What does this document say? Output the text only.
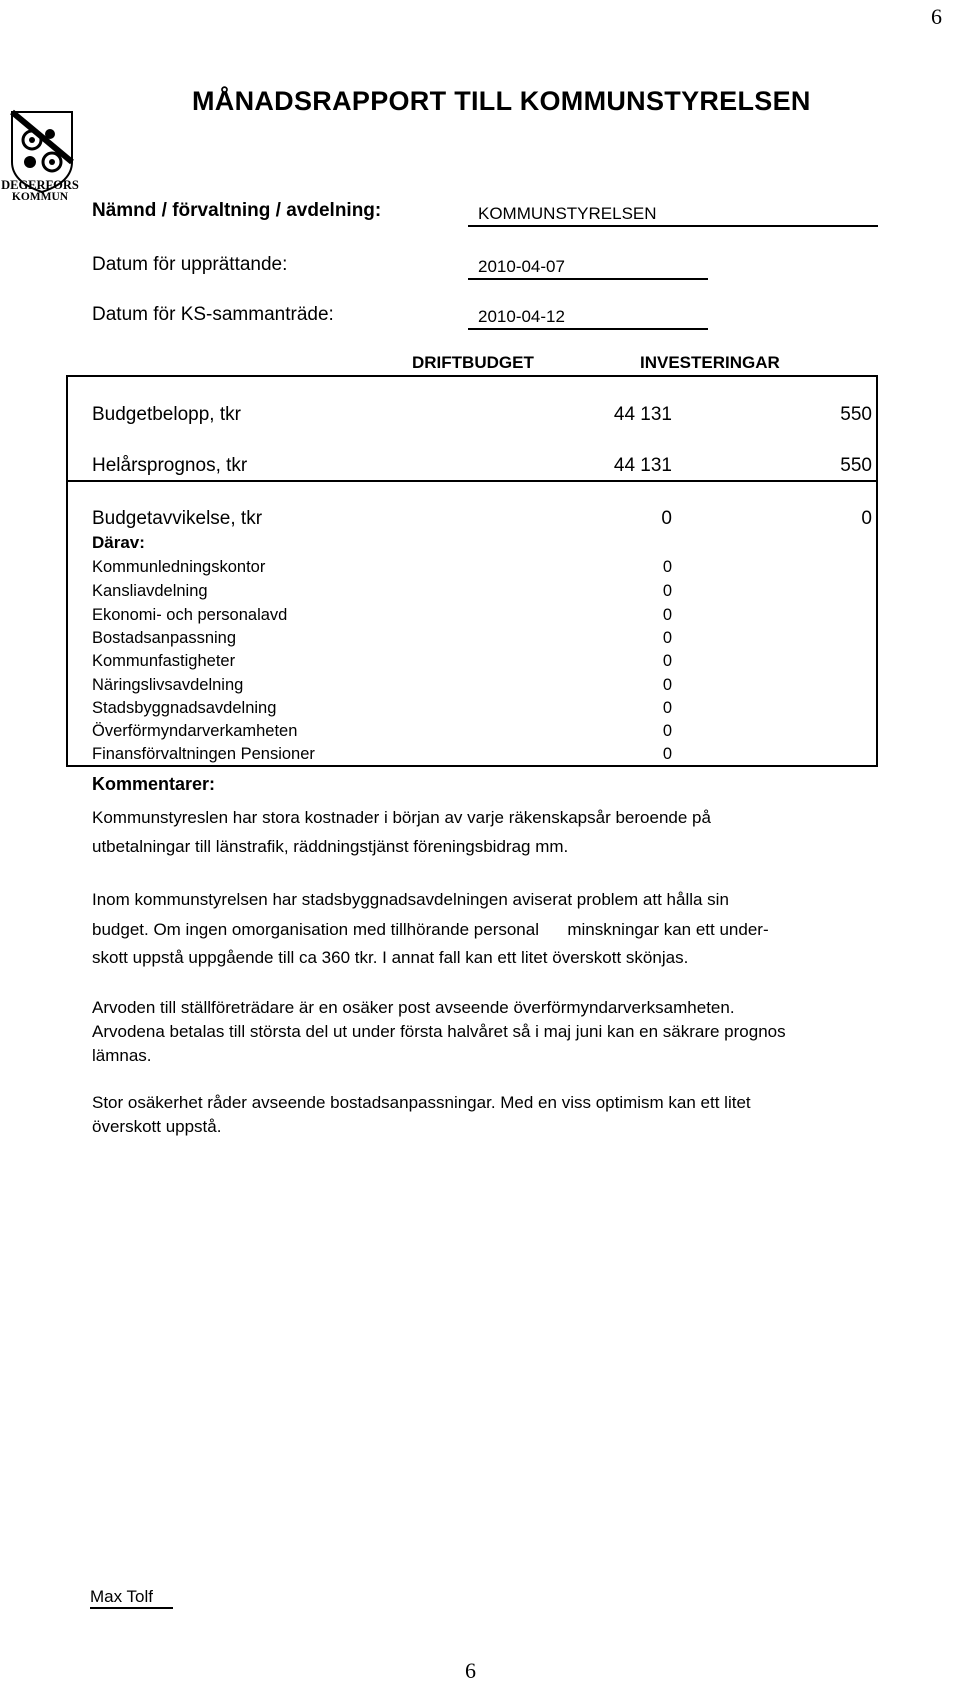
6
DEGERFORS
KOMMUN
MÅNADSRAPPORT TILL KOMMUNSTYRELSEN
Nämnd / förvaltning / avdelning:	KOMMUNSTYRELSEN
Datum för upprättande:	2010-04-07
Datum för KS-sammanträde:	2010-04-12
DRIFTBUDGET	INVESTERINGAR
Budgetbelopp, tkr	44 131	550
Helårsprognos, tkr	44 131	550
Budgetavvikelse, tkr	0	0
Därav:
Kommunledningskontor	0
Kansliavdelning	0
Ekonomi- och personalavd	0
Bostadsanpassning	0
Kommunfastigheter	0
Näringslivsavdelning	0
Stadsbyggnadsavdelning	0
Överförmyndarverkamheten	0
Finansförvaltningen Pensioner	0
Kommentarer:
Kommunstyreslen har stora kostnader i början av varje räkenskapsår beroende på
utbetalningar till länstrafik, räddningstjänst föreningsbidrag mm.
Inom kommunstyrelsen har stadsbyggnadsavdelningen aviserat problem att hålla sin
budget. Om ingen omorganisation med tillhörande personal      minskningar kan ett under-
skott uppstå uppgående till ca 360 tkr. I annat fall kan ett litet överskott skönjas.
Arvoden till ställföreträdare är en osäker post avseende överförmyndarverksamheten.
Arvodena betalas till största del ut under första halvåret så i maj juni kan en säkrare prognos
lämnas.
Stor osäkerhet råder avseende bostadsanpassningar. Med en viss optimism kan ett litet
överskott uppstå.
Max Tolf
6
